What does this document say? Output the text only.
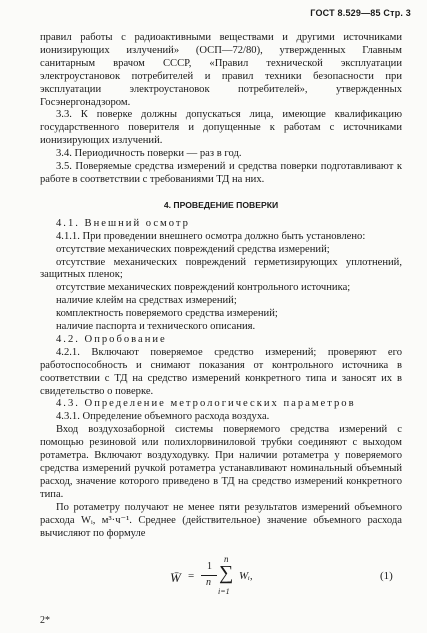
ГОСТ 8.529—85 Стр. 3

правил работы с радиоактивными веществами и другими источниками ионизирующих излучений» (ОСП—72/80), утвержденных Главным санитарным врачом СССР, «Правил технической эксплуатации электроустановок потребителей и правил техники безопасности при эксплуатации электроустановок потребителей», утвержденных Госэнергонадзором.

3.3. К поверке должны допускаться лица, имеющие квалификацию государственного поверителя и допущенные к работам с источниками ионизирующих излучений.

3.4. Периодичность поверки — раз в год.

3.5. Поверяемые средства измерений и средства поверки подготавливают к работе в соответствии с требованиями ТД на них.

4. ПРОВЕДЕНИЕ ПОВЕРКИ

4.1. Внешний осмотр

4.1.1. При проведении внешнего осмотра должно быть установлено:

отсутствие механических повреждений средства измерений;

отсутствие механических повреждений герметизирующих уплотнений, защитных пленок;

отсутствие механических повреждений контрольного источника;

наличие клейм на средствах измерений;

комплектность поверяемого средства измерений;

наличие паспорта и технического описания.

4.2. Опробование

4.2.1. Включают поверяемое средство измерений; проверяют его работоспособность и снимают показания от контрольного источника в соответствии с ТД на средство измерений конкретного типа и заносят их в свидетельство о поверке.

4.3. Определение метрологических параметров

4.3.1. Определение объемного расхода воздуха.

Вход воздухозаборной системы поверяемого средства измерений с помощью резиновой или полихлорвиниловой трубки соединяют с выходом ротаметра. Включают воздуходувку. При наличии ротаметра у поверяемого средства измерений ручкой ротаметра устанавливают номинальный объемный расход, значение которого приведено в ТД на средство измерений конкретного типа.

По ротаметру получают не менее пяти результатов измерений объемного расхода Wᵢ, м³·ч⁻¹. Среднее (действительное) значение объемного расхода вычисляют по формуле

W̄ =
1
n
n
∑
i=1
Wᵢ,	(1)
2*
